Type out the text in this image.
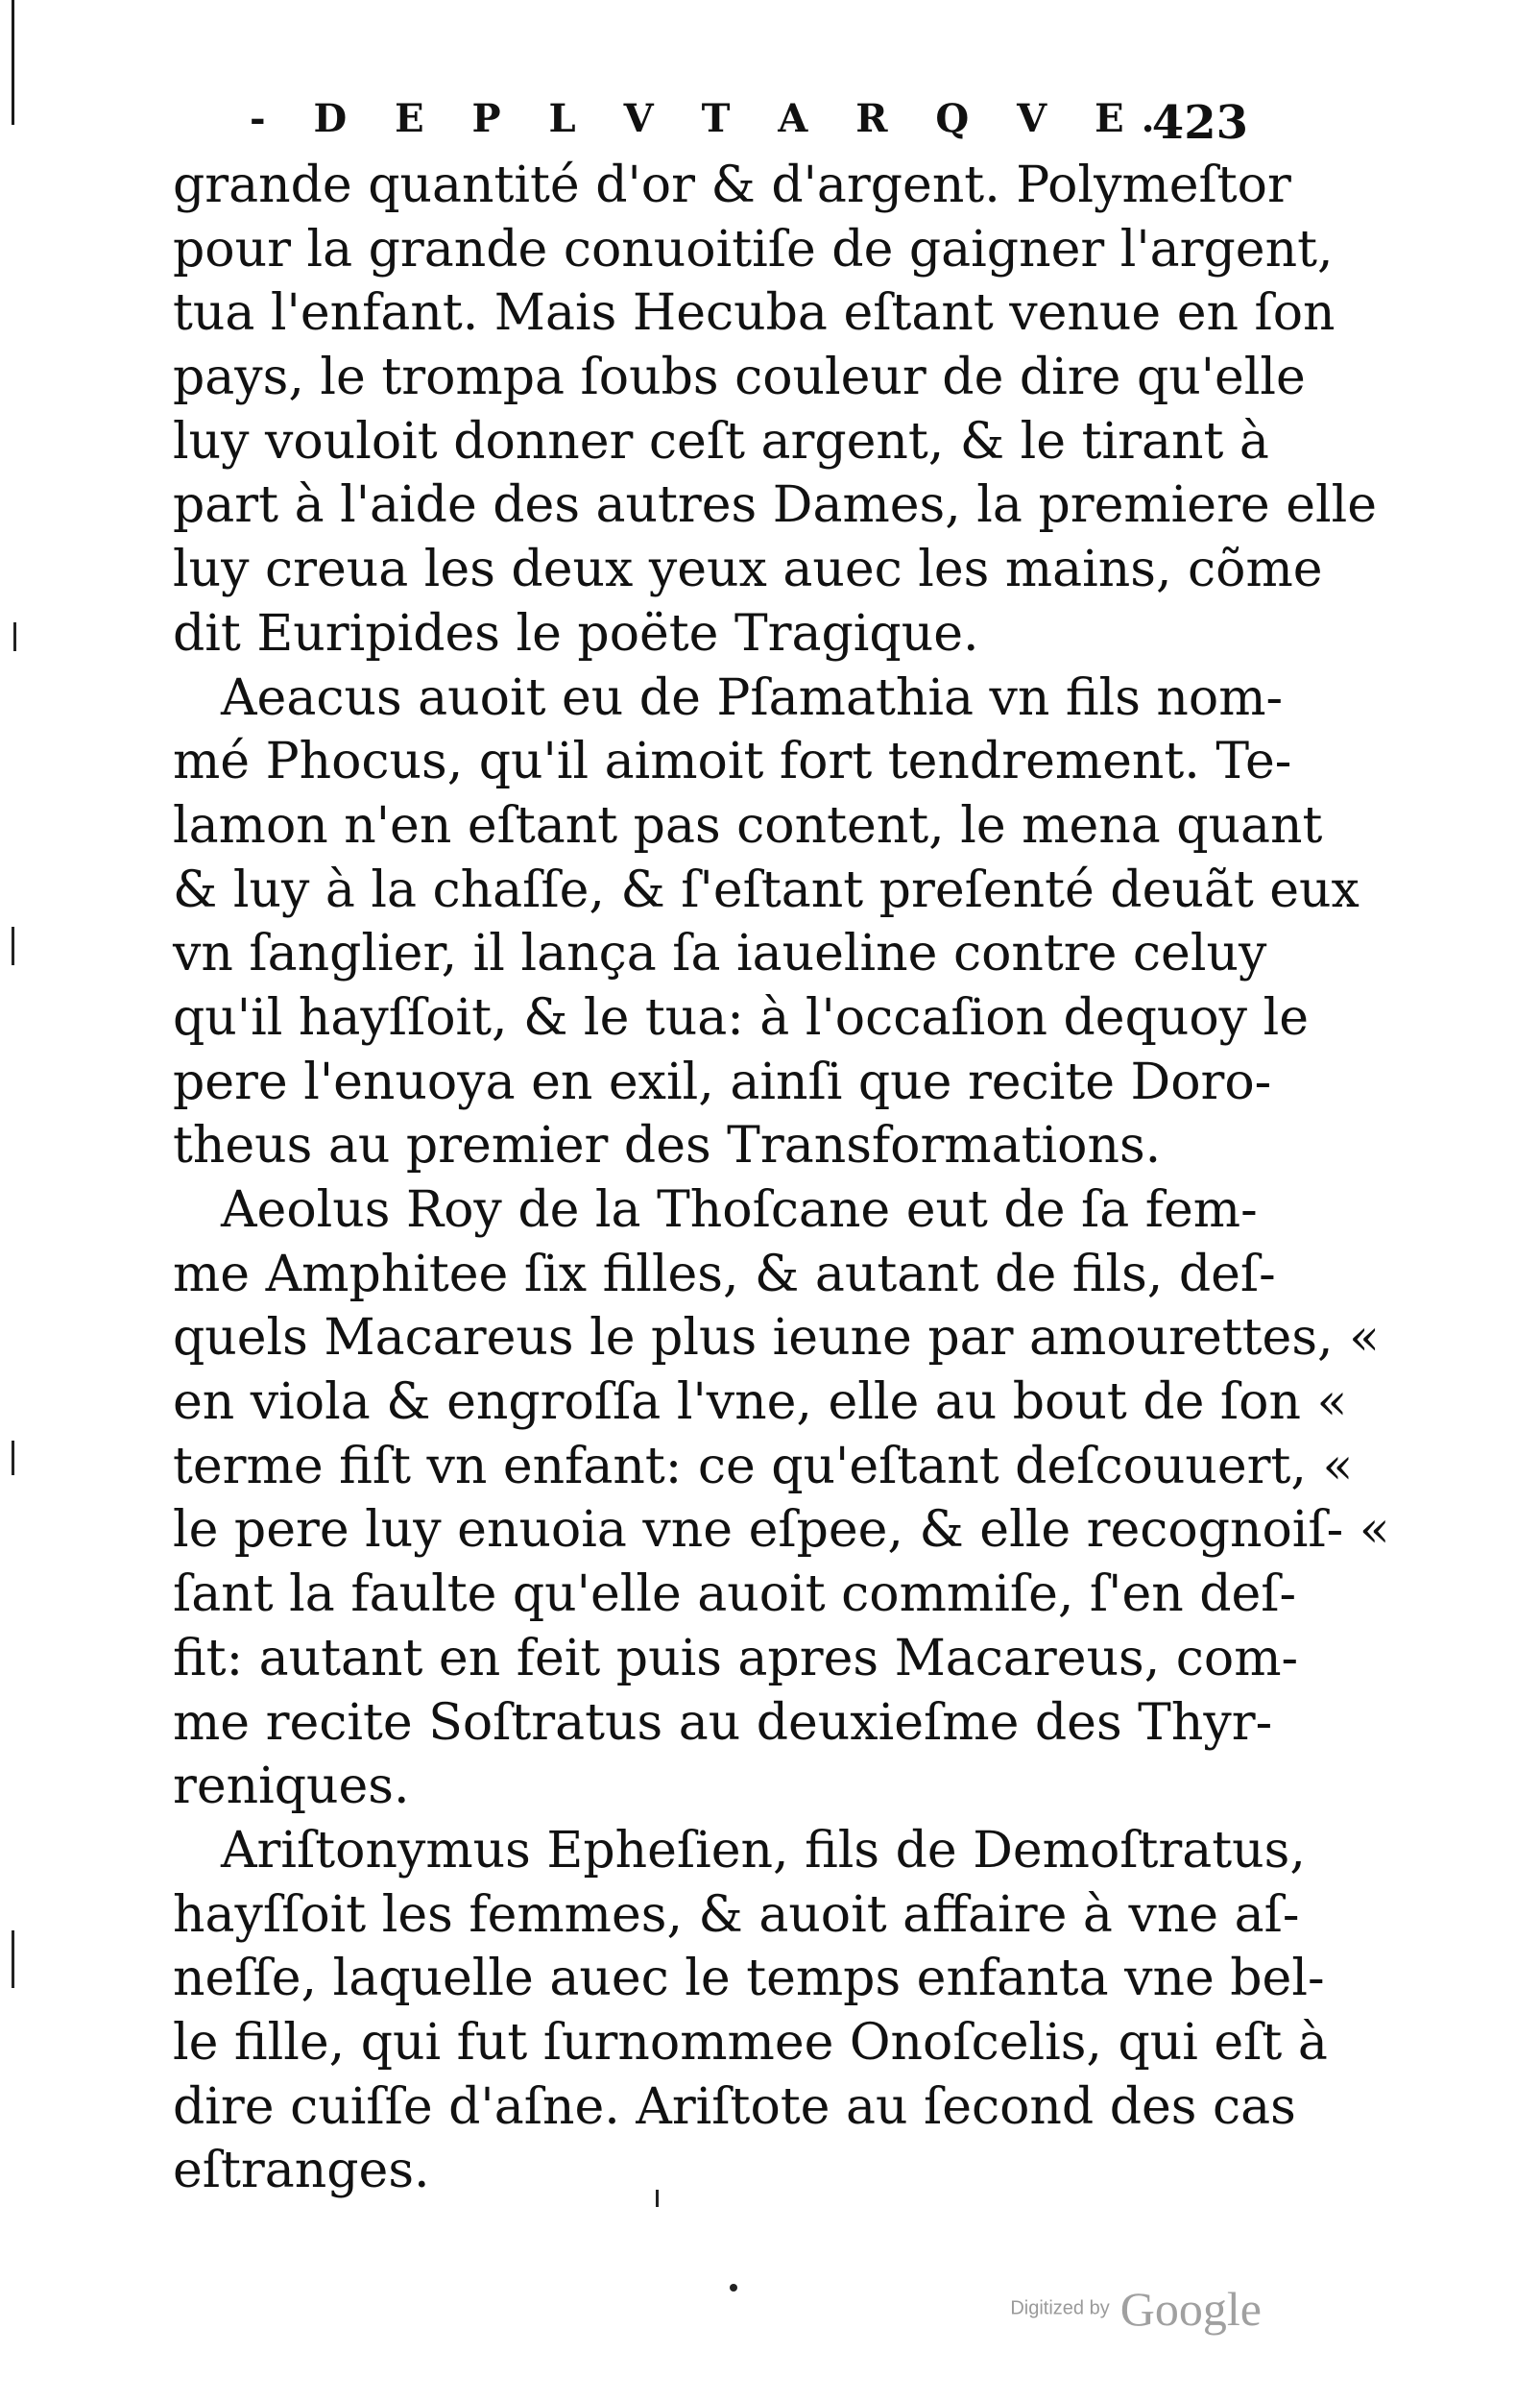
- D E P L V T A R Q V E.
423
grande quantité d'or & d'argent. Polymeſtor
pour la grande conuoitiſe de gaigner l'argent,
tua l'enfant. Mais Hecuba eſtant venue en ſon
pays, le trompa ſoubs couleur de dire qu'elle
luy vouloit donner ceſt argent, & le tirant à
part à l'aide des autres Dames, la premiere elle
luy creua les deux yeux auec les mains, cõme
dit Euripides le poëte Tragique.
Aeacus auoit eu de Pſamathia vn fils nom-
mé Phocus, qu'il aimoit fort tendrement. Te-
lamon n'en eſtant pas content, le mena quant
& luy à la chaſſe, & ſ'eſtant preſenté deuãt eux
vn ſanglier, il lança ſa iaueline contre celuy
qu'il hayſſoit, & le tua: à l'occaſion dequoy le
pere l'enuoya en exil, ainſi que recite Doro-
theus au premier des Transformations.
Aeolus Roy de la Thoſcane eut de ſa fem-
me Amphitee ſix filles, & autant de fils, deſ-
quels Macareus le plus ieune par amourettes, «
en viola & engroſſa l'vne, elle au bout de ſon «
terme fiſt vn enfant: ce qu'eſtant deſcouuert, «
le pere luy enuoia vne eſpee, & elle recognoiſ- «
ſant la faulte qu'elle auoit commiſe, ſ'en deſ-
fit: autant en feit puis apres Macareus, com-
me recite Soſtratus au deuxieſme des Thyr-
reniques.
Ariſtonymus Epheſien, fils de Demoſtratus,
hayſſoit les femmes, & auoit affaire à vne aſ-
neſſe, laquelle auec le temps enfanta vne bel-
le fille, qui fut ſurnommee Onoſcelis, qui eſt à
dire cuiſſe d'aſne. Ariſtote au ſecond des cas
eſtranges.
Digitized by Google
